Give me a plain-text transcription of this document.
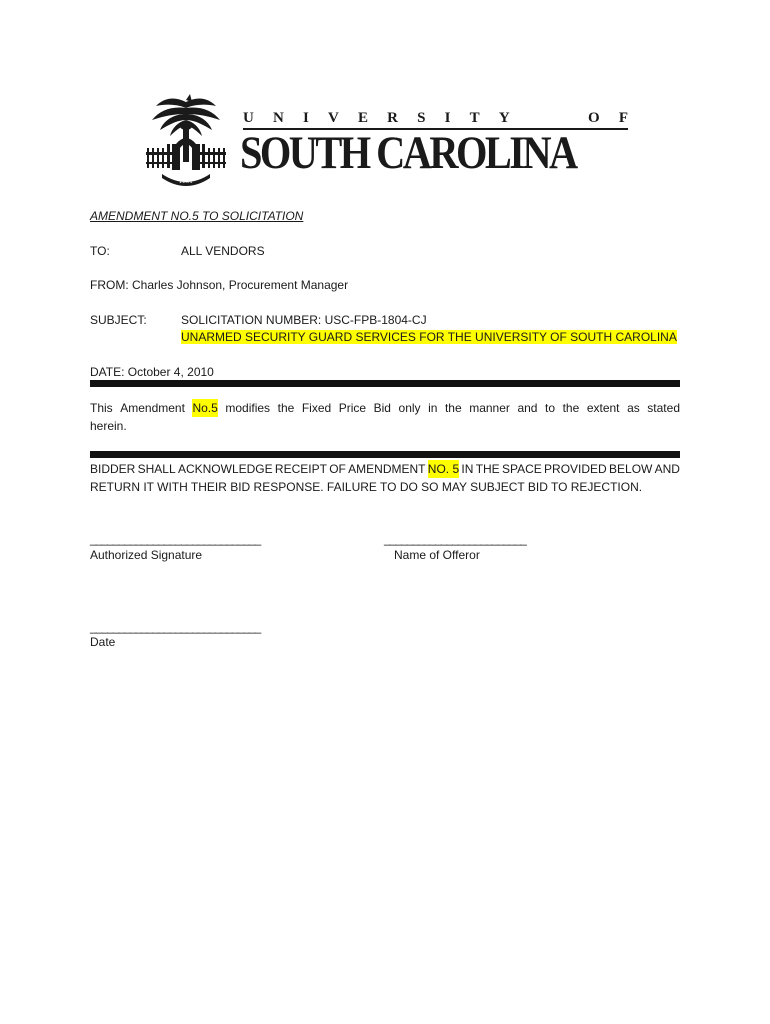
1801
U N I V E R S I T Y	O F
SOUTH CAROLINA
AMENDMENT NO.5 TO SOLICITATION
TO:	ALL VENDORS
FROM: Charles Johnson, Procurement Manager
SUBJECT:	SOLICITATION NUMBER: USC-FPB-1804-CJ
UNARMED SECURITY GUARD SERVICES FOR THE UNIVERSITY OF SOUTH CAROLINA
DATE: October 4, 2010
This Amendment No.5 modifies the Fixed Price Bid only in the manner and to the extent as stated
herein.
BIDDER SHALL ACKNOWLEDGE RECEIPT OF AMENDMENT NO. 5 IN THE SPACE PROVIDED BELOW AND
RETURN IT WITH THEIR BID RESPONSE. FAILURE TO DO SO MAY SUBJECT BID TO REJECTION.
______________________________
Authorized Signature
_________________________
Name of Offeror
______________________________
Date
